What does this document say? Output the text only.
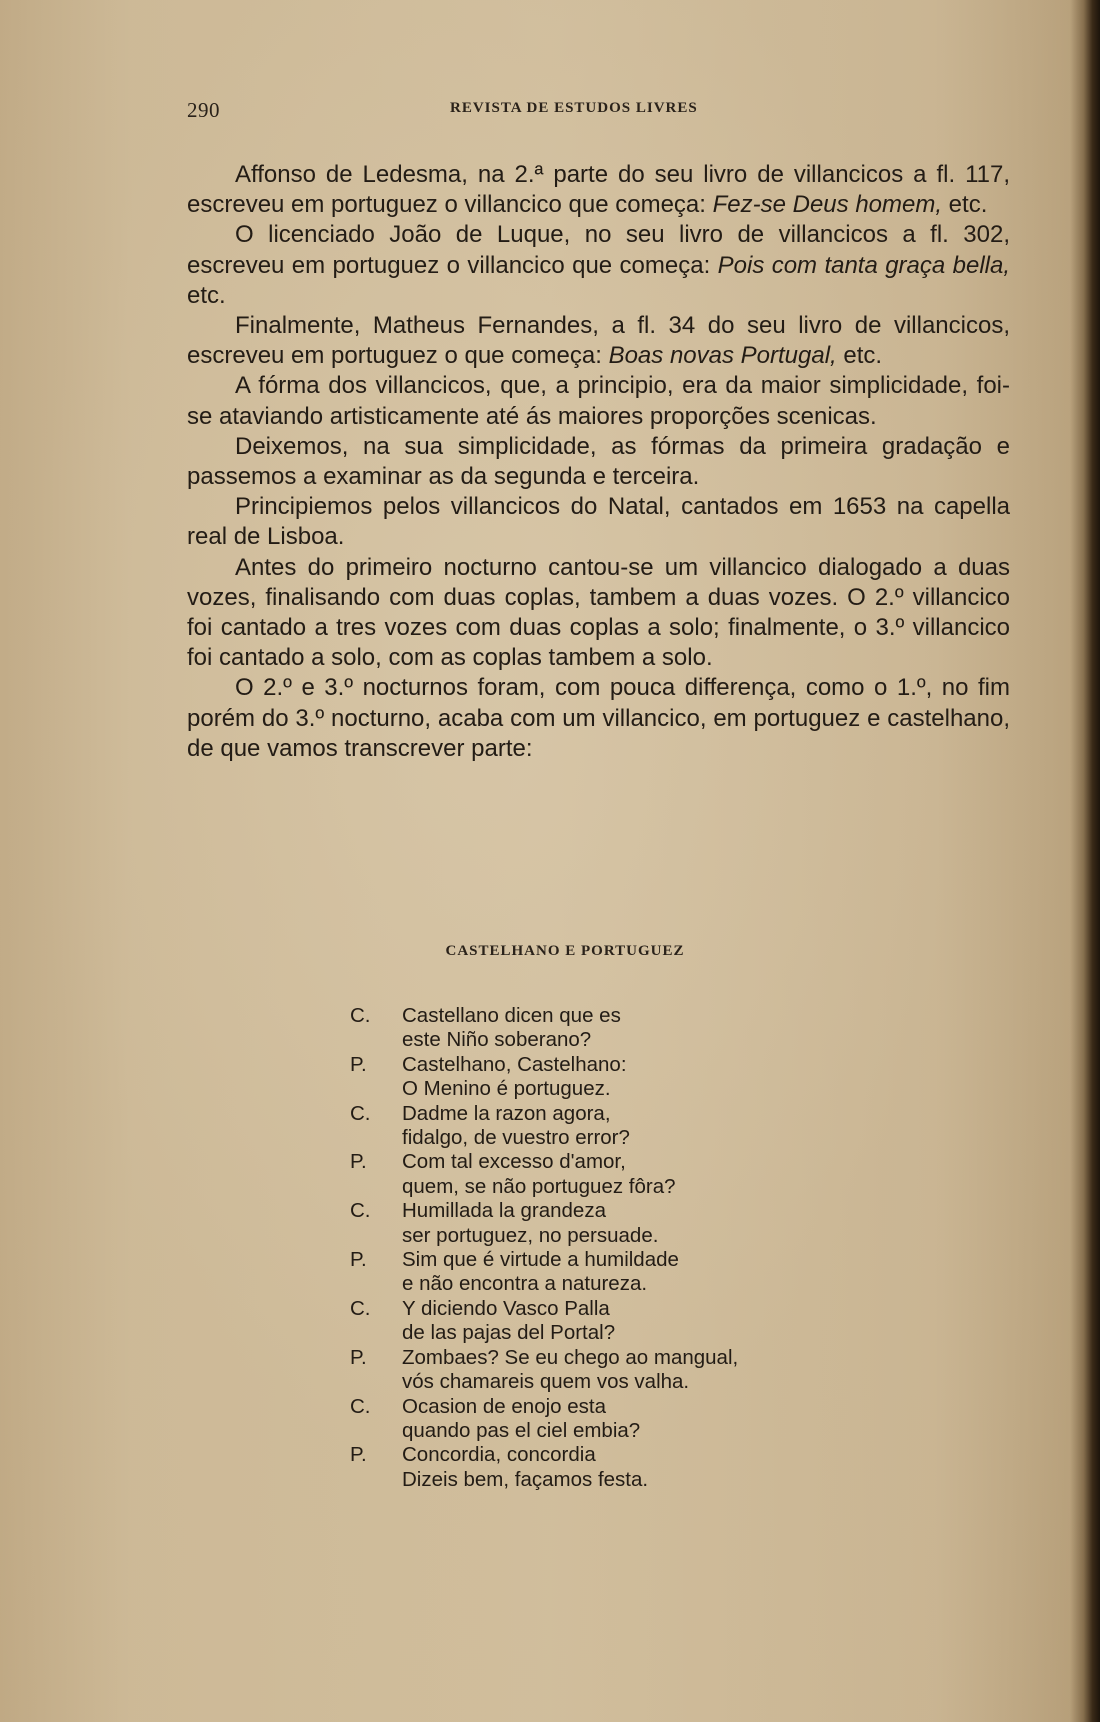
290	REVISTA DE ESTUDOS LIVRES

Affonso de Ledesma, na 2.ª parte do seu livro de villancicos a fl. 117, escreveu em portuguez o villancico que começa: Fez-se Deus homem, etc.

O licenciado João de Luque, no seu livro de villancicos a fl. 302, escreveu em portuguez o villancico que começa: Pois com tanta graça bella, etc.

Finalmente, Matheus Fernandes, a fl. 34 do seu livro de villancicos, escreveu em portuguez o que começa: Boas novas Portugal, etc.

A fórma dos villancicos, que, a principio, era da maior simplicidade, foi-se ataviando artisticamente até ás maiores proporções scenicas.

Deixemos, na sua simplicidade, as fórmas da primeira gradação e passemos a examinar as da segunda e terceira.

Principiemos pelos villancicos do Natal, cantados em 1653 na capella real de Lisboa.

Antes do primeiro nocturno cantou-se um villancico dialogado a duas vozes, finalisando com duas coplas, tambem a duas vozes. O 2.º villancico foi cantado a tres vozes com duas coplas a solo; finalmente, o 3.º villancico foi cantado a solo, com as coplas tambem a solo.

O 2.º e 3.º nocturnos foram, com pouca differença, como o 1.º, no fim porém do 3.º nocturno, acaba com um villancico, em portuguez e castelhano, de que vamos transcrever parte:

CASTELHANO E PORTUGUEZ
C.	Castellano dicen que es
este Niño soberano?
P.	Castelhano, Castelhano:
O Menino é portuguez.
C.	Dadme la razon agora,
fidalgo, de vuestro error?
P.	Com tal excesso d'amor,
quem, se não portuguez fôra?
C.	Humillada la grandeza
ser portuguez, no persuade.
P.	Sim que é virtude a humildade
e não encontra a natureza.
C.	Y diciendo Vasco Palla
de las pajas del Portal?
P.	Zombaes? Se eu chego ao mangual,
vós chamareis quem vos valha.
C.	Ocasion de enojo esta
quando pas el ciel embia?
P.	Concordia, concordia
Dizeis bem, façamos festa.
